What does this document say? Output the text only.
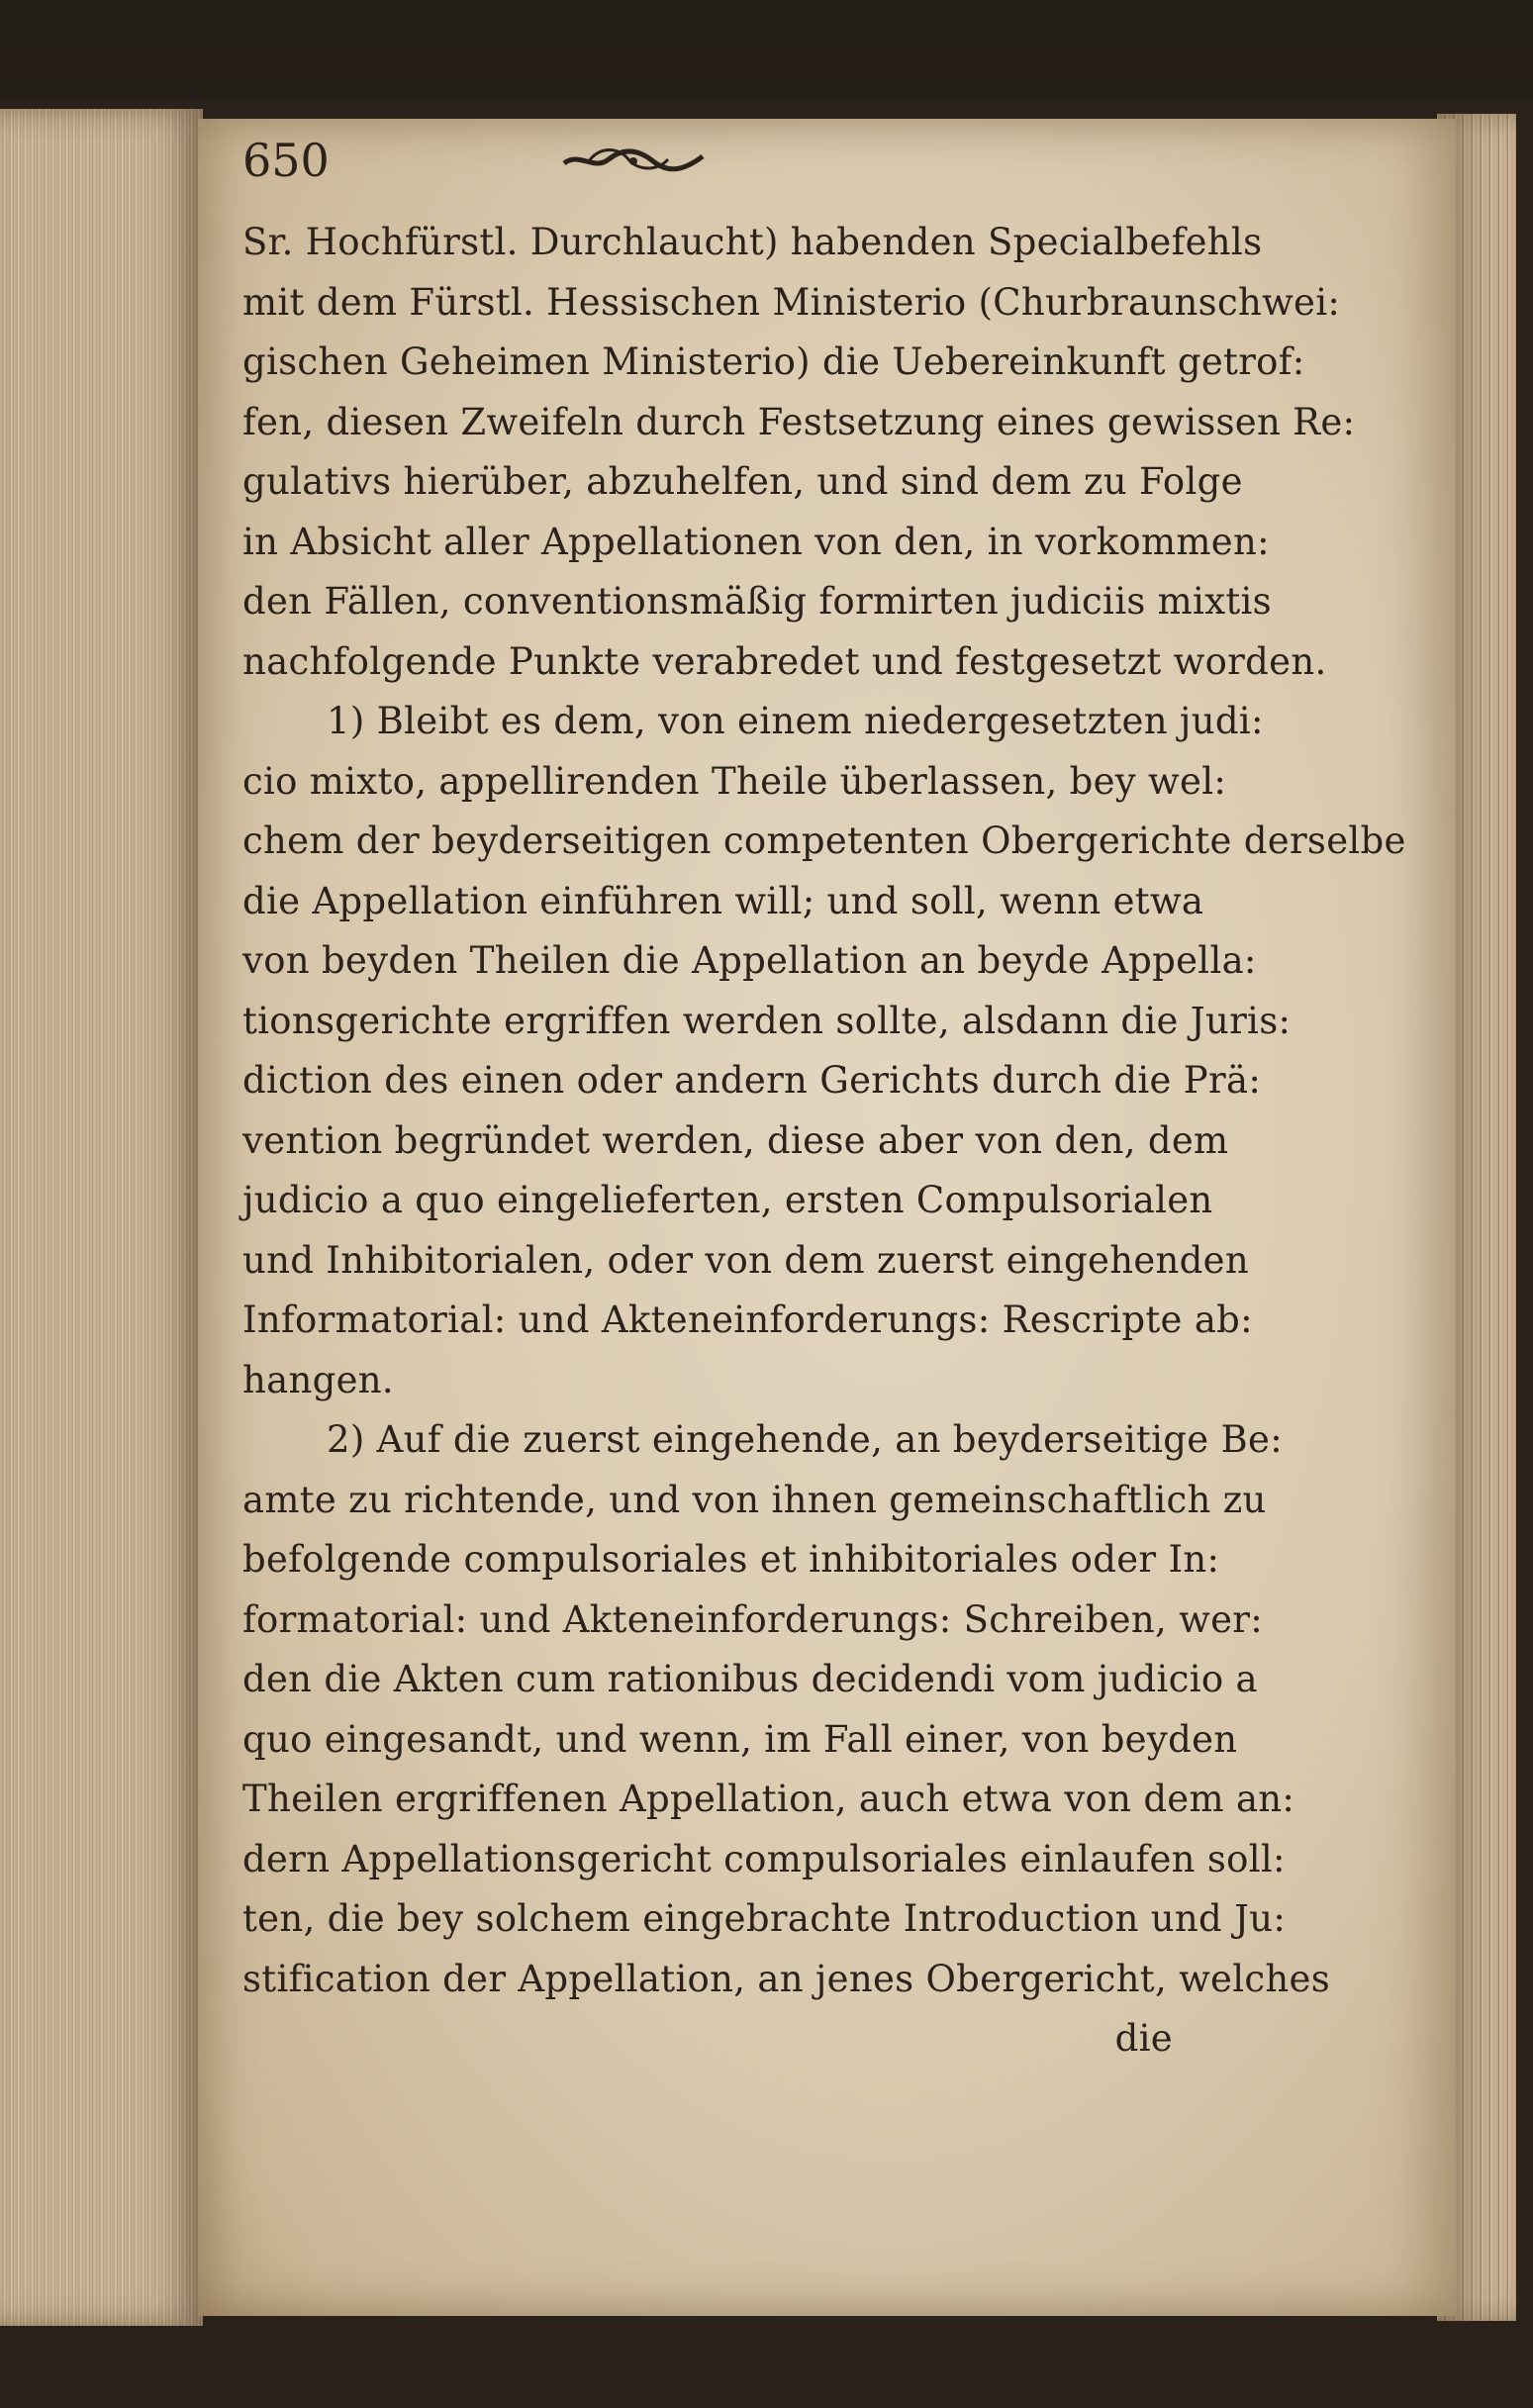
650
Sr. Hochfürstl. Durchlaucht) habenden Specialbefehls
mit dem Fürstl. Hessischen Ministerio (Churbraunschwei:
gischen Geheimen Ministerio) die Uebereinkunft getrof:
fen, diesen Zweifeln durch Festsetzung eines gewissen Re:
gulativs hierüber, abzuhelfen, und sind dem zu Folge
in Absicht aller Appellationen von den, in vorkommen:
den Fällen, conventionsmäßig formirten judiciis mixtis
nachfolgende Punkte verabredet und festgesetzt worden.
1) Bleibt es dem, von einem niedergesetzten judi:
cio mixto, appellirenden Theile überlassen, bey wel:
chem der beyderseitigen competenten Obergerichte derselbe
die Appellation einführen will; und soll, wenn etwa
von beyden Theilen die Appellation an beyde Appella:
tionsgerichte ergriffen werden sollte, alsdann die Juris:
diction des einen oder andern Gerichts durch die Prä:
vention begründet werden, diese aber von den, dem
judicio a quo eingelieferten, ersten Compulsorialen
und Inhibitorialen, oder von dem zuerst eingehenden
Informatorial: und Akteneinforderungs: Rescripte ab:
hangen.
2) Auf die zuerst eingehende, an beyderseitige Be:
amte zu richtende, und von ihnen gemeinschaftlich zu
befolgende compulsoriales et inhibitoriales oder In:
formatorial: und Akteneinforderungs: Schreiben, wer:
den die Akten cum rationibus decidendi vom judicio a
quo eingesandt, und wenn, im Fall einer, von beyden
Theilen ergriffenen Appellation, auch etwa von dem an:
dern Appellationsgericht compulsoriales einlaufen soll:
ten, die bey solchem eingebrachte Introduction und Ju:
stification der Appellation, an jenes Obergericht, welches
die
